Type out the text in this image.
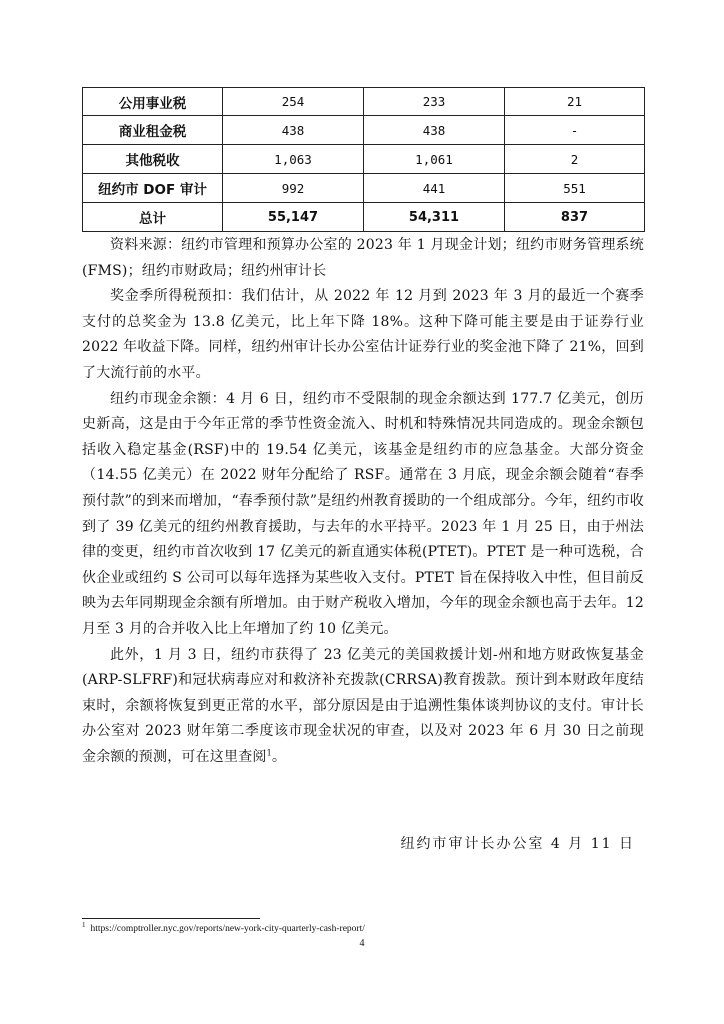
公用事业税	254	233	21
商业租金税	438	438	-
其他税收	1,063	1,061	2
纽约市 DOF 审计	992	441	551
总计	55,147	54,311	837

资料来源：纽约市管理和预算办公室的 2023 年 1 月现金计划；纽约市财务管理系统(FMS)；纽约市财政局；纽约州审计长

奖金季所得税预扣：我们估计，从 2022 年 12 月到 2023 年 3 月的最近一个赛季支付的总奖金为 13.8 亿美元，比上年下降 18%。这种下降可能主要是由于证券行业 2022 年收益下降。同样，纽约州审计长办公室估计证券行业的奖金池下降了 21%，回到了大流行前的水平。

纽约市现金余额：4 月 6 日，纽约市不受限制的现金余额达到 177.7 亿美元，创历史新高，这是由于今年正常的季节性资金流入、时机和特殊情况共同造成的。现金余额包括收入稳定基金(RSF)中的 19.54 亿美元，该基金是纽约市的应急基金。大部分资金（14.55 亿美元）在 2022 财年分配给了 RSF。通常在 3 月底，现金余额会随着“春季预付款”的到来而增加，“春季预付款”是纽约州教育援助的一个组成部分。今年，纽约市收到了 39 亿美元的纽约州教育援助，与去年的水平持平。2023 年 1 月 25 日，由于州法律的变更，纽约市首次收到 17 亿美元的新直通实体税(PTET)。PTET 是一种可选税，合伙企业或纽约 S 公司可以每年选择为某些收入支付。PTET 旨在保持收入中性，但目前反映为去年同期现金余额有所增加。由于财产税收入增加，今年的现金余额也高于去年。12 月至 3 月的合并收入比上年增加了约 10 亿美元。

此外，1 月 3 日，纽约市获得了 23 亿美元的美国救援计划-州和地方财政恢复基金(ARP-SLFRF)和冠状病毒应对和救济补充拨款(CRRSA)教育拨款。预计到本财政年度结束时，余额将恢复到更正常的水平，部分原因是由于追溯性集体谈判协议的支付。审计长办公室对 2023 财年第二季度该市现金状况的审查，以及对 2023 年 6 月 30 日之前现金余额的预测，可在这里查阅$^1$。

纽约市审计长办公室 4 月 11 日
$^1$ https://comptroller.nyc.gov/reports/new-york-city-quarterly-cash-report/
4
